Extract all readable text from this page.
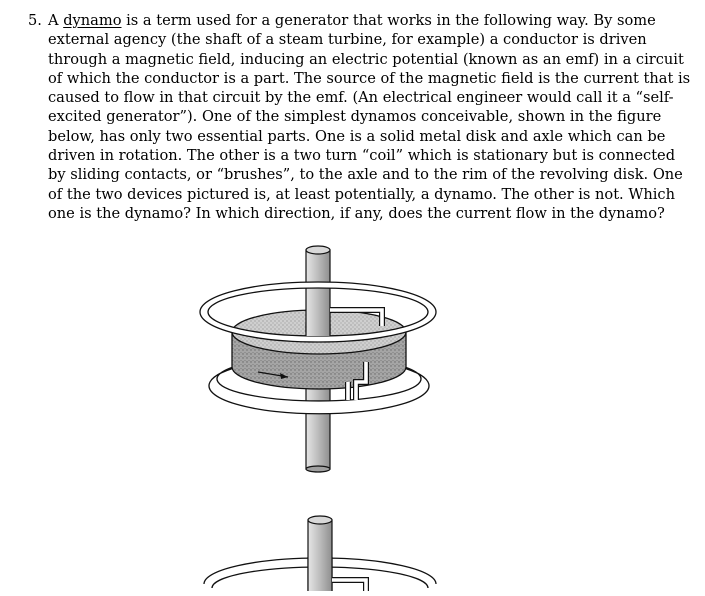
5. A dynamo is a term used for a generator that works in the following way. By some
external agency (the shaft of a steam turbine, for example) a conductor is driven
through a magnetic field, inducing an electric potential (known as an emf) in a circuit
of which the conductor is a part. The source of the magnetic field is the current that is
caused to flow in that circuit by the emf. (An electrical engineer would call it a “self-
excited generator”). One of the simplest dynamos conceivable, shown in the figure
below, has only two essential parts. One is a solid metal disk and axle which can be
driven in rotation. The other is a two turn “coil” which is stationary but is connected
by sliding contacts, or “brushes”, to the axle and to the rim of the revolving disk. One
of the two devices pictured is, at least potentially, a dynamo. The other is not. Which
one is the dynamo? In which direction, if any, does the current flow in the dynamo?
